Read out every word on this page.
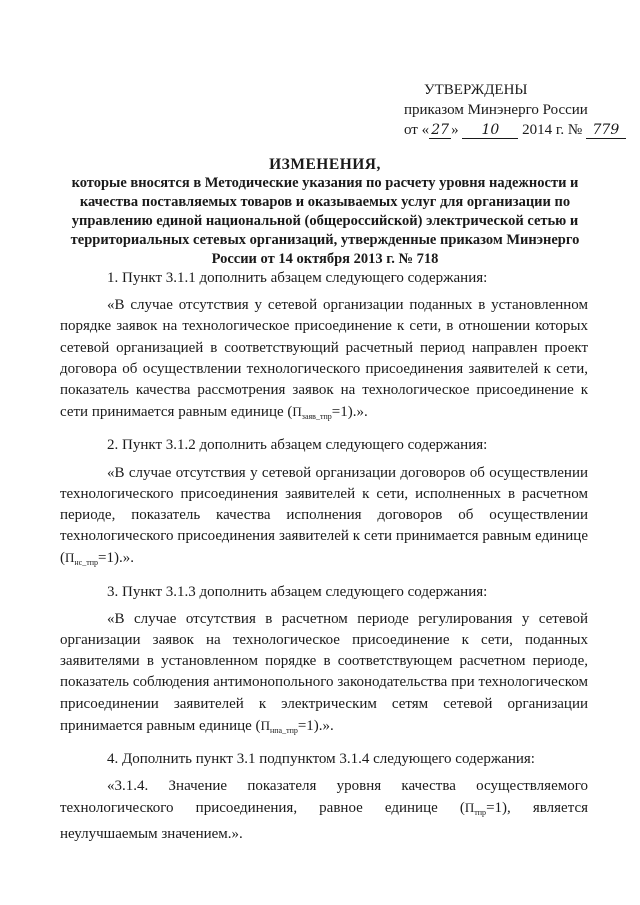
УТВЕРЖДЕНЫ
приказом Минэнерго России
от « 27 » 10 2014 г. № 779
ИЗМЕНЕНИЯ,
которые вносятся в Методические указания по расчету уровня надежности и
качества поставляемых товаров и оказываемых услуг для организации по
управлению единой национальной (общероссийской) электрической сетью и
территориальных сетевых организаций, утвержденные приказом Минэнерго
России от 14 октября 2013 г. № 718

1. Пункт 3.1.1 дополнить абзацем следующего содержания:

«В случае отсутствия у сетевой организации поданных в установленном порядке заявок на технологическое присоединение к сети, в отношении которых сетевой организацией в соответствующий расчетный период направлен проект договора об осуществлении технологического присоединения заявителей к сети, показатель качества рассмотрения заявок на технологическое присоединение к сети принимается равным единице $(П_{заяв\_тпр}=1)$.».

2. Пункт 3.1.2 дополнить абзацем следующего содержания:

«В случае отсутствия у сетевой организации договоров об осуществлении технологического присоединения заявителей к сети, исполненных в расчетном периоде, показатель качества исполнения договоров об осуществлении технологического присоединения заявителей к сети принимается равным единице $(П_{нс\_тпр}=1)$.».

3. Пункт 3.1.3 дополнить абзацем следующего содержания:

«В случае отсутствия в расчетном периоде регулирования у сетевой организации заявок на технологическое присоединение к сети, поданных заявителями в установленном порядке в соответствующем расчетном периоде, показатель соблюдения антимонопольного законодательства при технологическом присоединении заявителей к электрическим сетям сетевой организации принимается равным единице $(П_{нпа\_тпр}=1)$.».

4. Дополнить пункт 3.1 подпунктом 3.1.4 следующего содержания:

«3.1.4. Значение показателя уровня качества осуществляемого технологического присоединения, равное единице $(П_{тпр}=1)$, является неулучшаемым значением.».
